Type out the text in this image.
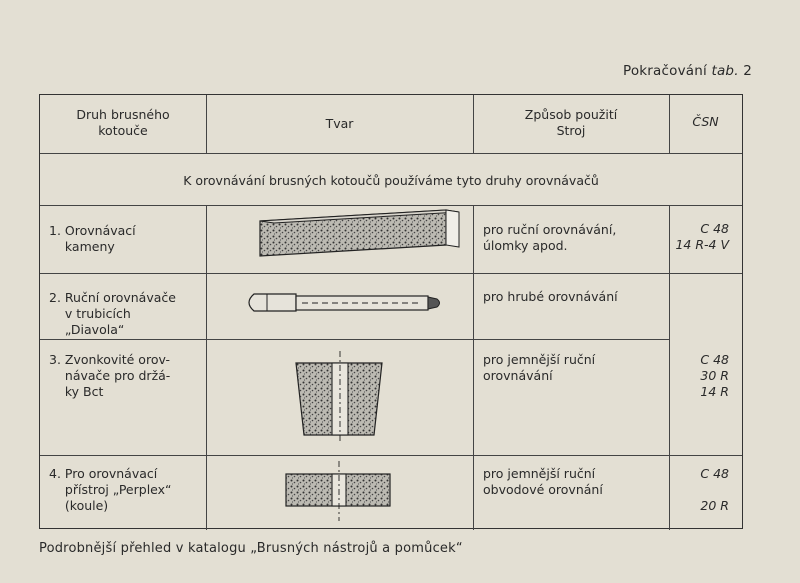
Pokračování tab. 2
Druh brusného
kotouče	Tvar
Způsob použití
Stroj
ČSN
K orovnávání brusných kotoučů používáme tyto druhy orovnávačů
1. Orovnávací
kameny
pro ruční orovnávání,
úlomky apod.
C 48
14 R-4 V
2. Ruční orovnávače
v trubicích
„Diavola“
pro hrubé orovnávání
3. Zvonkovité orov-
návače pro držá-
ky Bct
pro jemnější ruční
orovnávání
C 48
30 R
14 R
4. Pro orovnávací
přístroj „Perplex“
(koule)
pro jemnější ruční
obvodové orovnání
C 48

20 R
Podrobnější přehled v katalogu „Brusných nástrojů a pomůcek“
